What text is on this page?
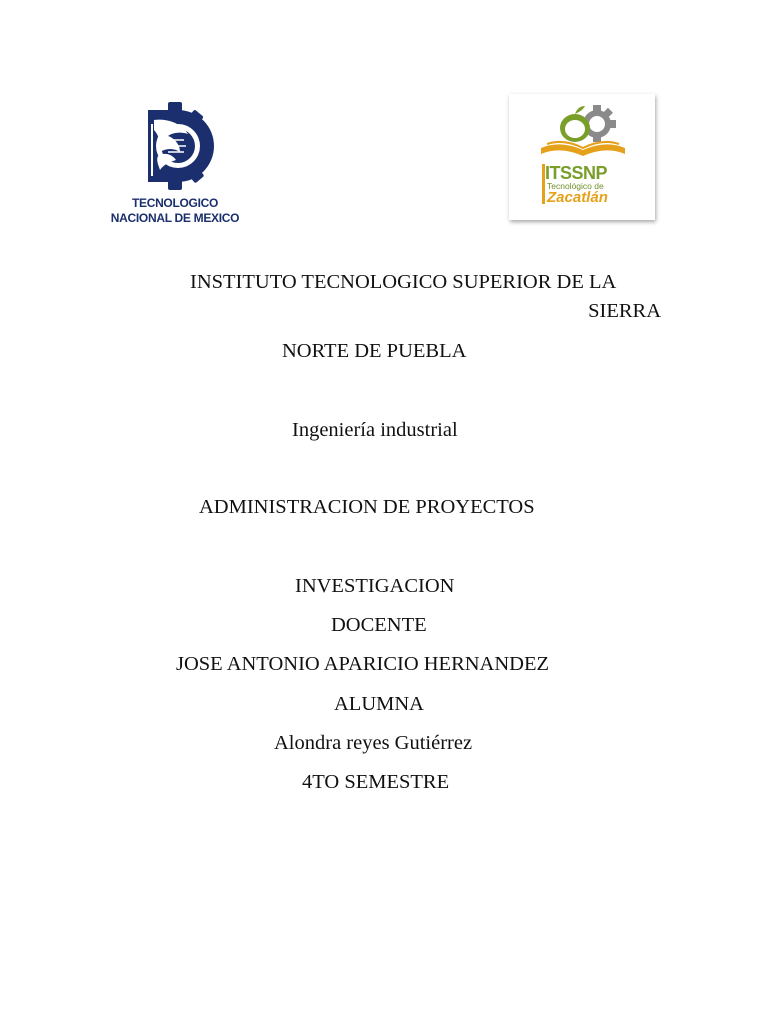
TECNOLOGICO
NACIONAL DE MEXICO
ITSSNP
Tecnológico de
Zacatlán
INSTITUTO TECNOLOGICO SUPERIOR DE LA
SIERRA
NORTE DE PUEBLA
Ingeniería industrial
ADMINISTRACION DE PROYECTOS
INVESTIGACION
DOCENTE
JOSE ANTONIO APARICIO HERNANDEZ
ALUMNA
Alondra reyes Gutiérrez
4TO SEMESTRE
